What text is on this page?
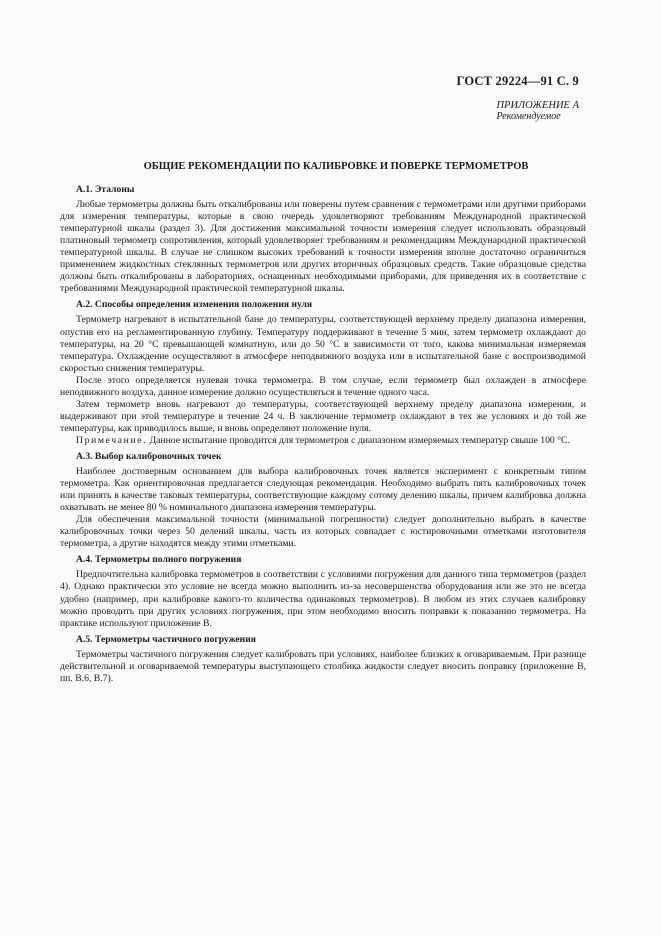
ГОСТ 29224—91 С. 9
ПРИЛОЖЕНИЕ А
Рекомендуемое
ОБЩИЕ РЕКОМЕНДАЦИИ ПО КАЛИБРОВКЕ И ПОВЕРКЕ ТЕРМОМЕТРОВ
А.1. Эталоны

Любые термометры должны быть откалиброваны или поверены путем сравнения с термометрами или другими приборами для измерения температуры, которые в свою очередь удовлетворяют требованиям Международной практической температурной шкалы (раздел 3). Для достижения максимальной точности измерения следует использовать образцовый платиновый термометр сопротивления, который удовлетворяет требованиям и рекомендациям Международной практической температурной шкалы. В случае не слишком высоких требований к точности измерения вполне достаточно ограничиться применением жидкостных стеклянных термометров или других вторичных образцовых средств. Такие образцовые средства должны быть откалиброваны в лабораториях, оснащенных необходимыми приборами, для приведения их в соответствие с требованиями Международной практической температурной шкалы.

А.2. Способы определения изменения положения нуля

Термометр нагревают в испытательной бане до температуры, соответствующей верхнему пределу диапазона измерения, опустив его на регламентированную глубину. Температуру поддерживают в течение 5 мин, затем термометр охлаждают до температуры, на 20 °С превышающей комнатную, или до 50 °С в зависимости от того, какова минимальная измеряемая температура. Охлаждение осуществляют в атмосфере неподвижного воздуха или в испытательной бане с воспроизводимой скоростью снижения температуры.

После этого определяется нулевая точка термометра. В том случае, если термометр был охлажден в атмосфере неподвижного воздуха, данное измерение должно осуществляться в течение одного часа.

Затем термометр вновь нагревают до температуры, соответствующей верхнему пределу диапазона измерения, и выдерживают при этой температуре в течение 24 ч. В заключение термометр охлаждают в тех же условиях и до той же температуры, как приводилось выше, и вновь определяют положение нуля.

Примечание. Данное испытание проводится для термометров с диапазоном измеряемых температур свыше 100 °С.

А.3. Выбор калибровочных точек

Наиболее достоверным основанием для выбора калибровочных точек является эксперимент с конкретным типом термометра. Как ориентировочная предлагается следующая рекомендация. Необходимо выбрать пять калибровочных точек или принять в качестве таковых температуры, соответствующие каждому сотому делению шкалы, причем калибровка должна охватывать не менее 80 % номинального диапазона измерения температуры.

Для обеспечения максимальной точности (минимальной погрешности) следует дополнительно выбрать в качестве калибровочных точки через 50 делений шкалы, часть из которых совпадает с юстировочными отметками изготовителя термометра, а другие находятся между этими отметками.

А.4. Термометры полного погружения

Предпочтительна калибровка термометров в соответствии с условиями погружения для данного типа термометров (раздел 4). Однако практически это условие не всегда можно выполнить из-за несовершенства оборудования или же это не всегда удобно (например, при калибровке какого-то количества одинаковых термометров). В любом из этих случаев калибровку можно проводить при других условиях погружения, при этом необходимо вносить поправки к показанию термометра. На практике используют приложение В.

А.5. Термометры частичного погружения

Термометры частичного погружения следует калибровать при условиях, наиболее близких к оговариваемым. При разнице действительной и оговариваемой температуры выступающего столбика жидкости следует вносить поправку (приложение В, пп. В.6, В.7).
